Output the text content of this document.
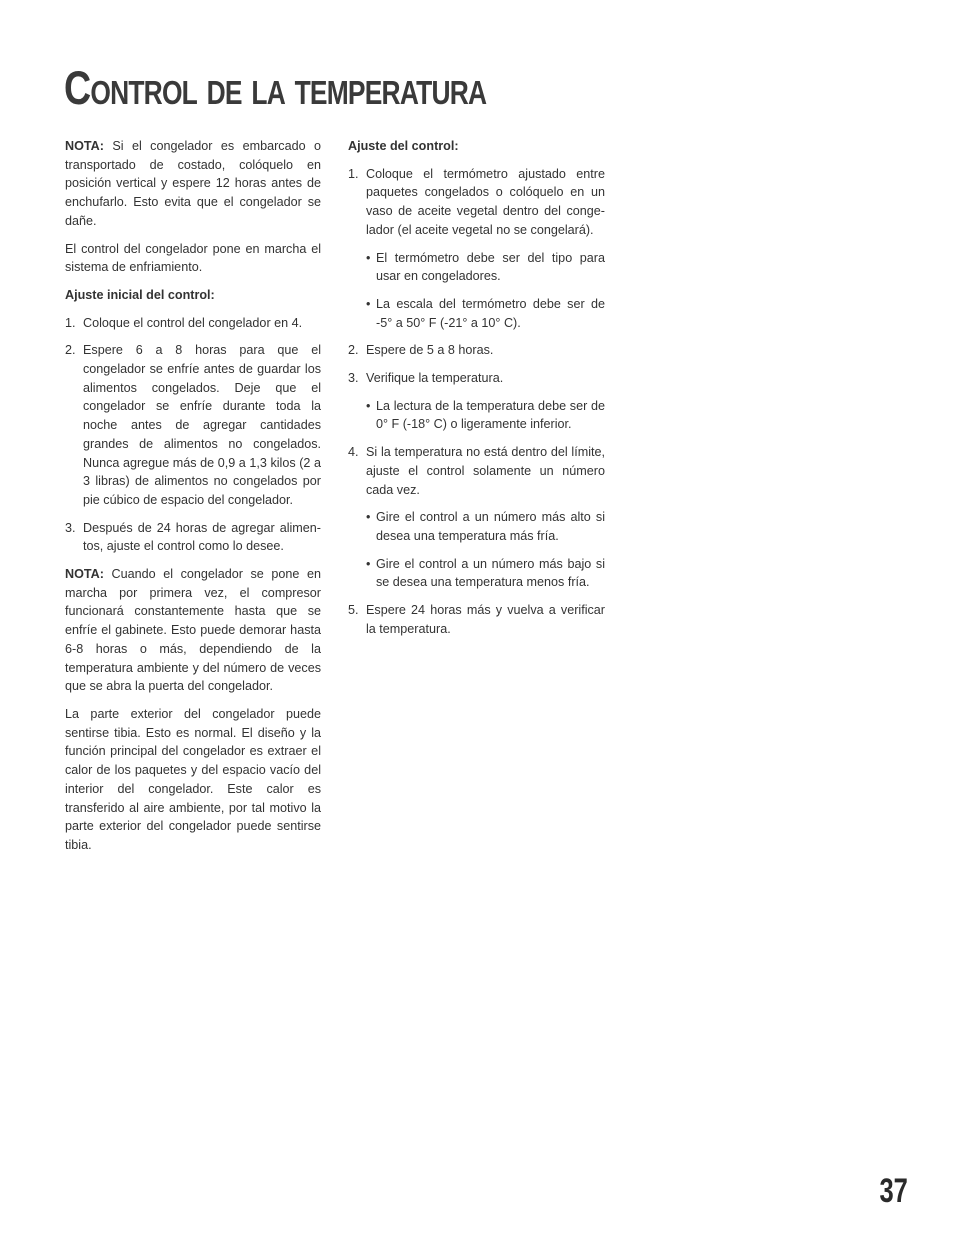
Control de la temperatura

NOTA: Si el congelador es embarcado o transportado de costado, colóquelo en posición vertical y espere 12 horas antes de enchufarlo. Esto evita que el congelador se dañe.

El control del congelador pone en marcha el sistema de enfriamiento.

Ajuste inicial del control:
1. Coloque el control del congelador en 4.
2. Espere 6 a 8 horas para que el congelador se enfríe antes de guardar los alimentos congelados. Deje que el congelador se enfríe durante toda la noche antes de agregar cantidades grandes de alimentos no congelados. Nunca agregue más de 0,9 a 1,3 kilos (2 a 3 libras) de alimentos no congelados por pie cúbico de espacio del congelador.
3. Después de 24 horas de agregar alimentos, ajuste el control como lo desee.

NOTA: Cuando el congelador se pone en marcha por primera vez, el compresor funcionará constantemente hasta que se enfríe el gabinete. Esto puede demorar hasta 6-8 horas o más, dependiendo de la temperatura ambiente y del número de veces que se abra la puerta del congelador.

La parte exterior del congelador puede sentirse tibia. Esto es normal. El diseño y la función principal del congelador es extraer el calor de los paquetes y del espacio vacío del interior del congelador. Este calor es transferido al aire ambiente, por tal motivo la parte exterior del congelador puede sentirse tibia.

Ajuste del control:
1. Coloque el termómetro ajustado entre paquetes congelados o colóquelo en un vaso de aceite vegetal dentro del congelador (el aceite vegetal no se congelará).
• El termómetro debe ser del tipo para usar en congeladores.
• La escala del termómetro debe ser de -5° a 50° F (-21° a 10° C).
2. Espere de 5 a 8 horas.
3. Verifique la temperatura.
• La lectura de la temperatura debe ser de 0° F (-18° C) o ligeramente inferior.
4. Si la temperatura no está dentro del límite, ajuste el control solamente un número cada vez.
• Gire el control a un número más alto si desea una temperatura más fría.
• Gire el control a un número más bajo si se desea una temperatura menos fría.
5. Espere 24 horas más y vuelva a verificar la temperatura.
37
